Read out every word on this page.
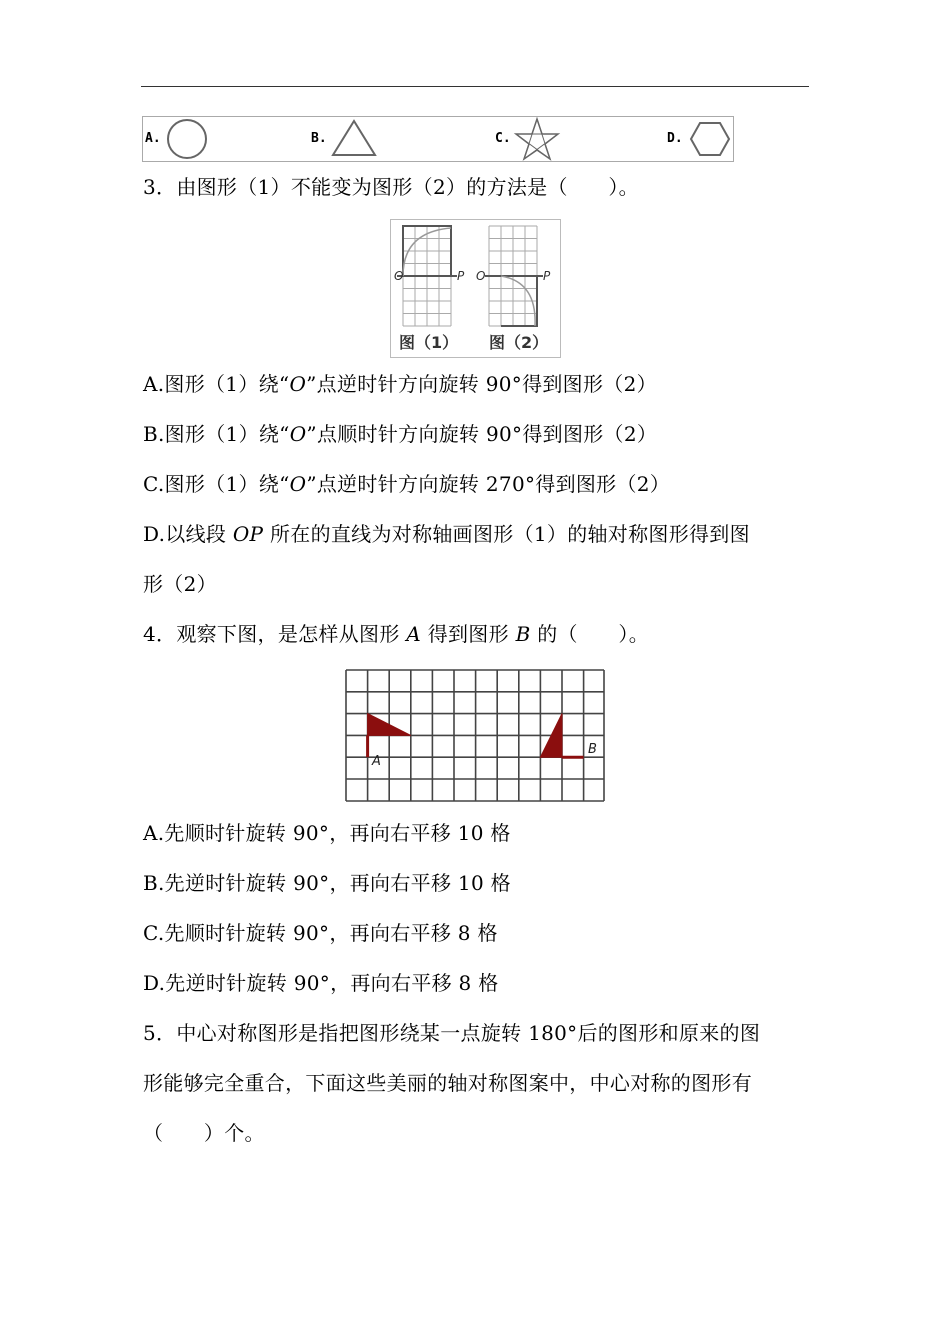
A.	B.	C.	D.
3．由图形（1）不能变为图形（2）的方法是（　　）。
O	P O	P
图（1） 图（2）
A.图形（1）绕“O”点逆时针方向旋转 90°得到图形（2）
B.图形（1）绕“O”点顺时针方向旋转 90°得到图形（2）
C.图形（1）绕“O”点逆时针方向旋转 270°得到图形（2）
D.以线段 OP 所在的直线为对称轴画图形（1）的轴对称图形得到图
形（2）
4．观察下图，是怎样从图形 A 得到图形 B 的（　　）。
A
B
A.先顺时针旋转 90°，再向右平移 10 格
B.先逆时针旋转 90°，再向右平移 10 格
C.先顺时针旋转 90°，再向右平移 8 格
D.先逆时针旋转 90°，再向右平移 8 格
5．中心对称图形是指把图形绕某一点旋转 180°后的图形和原来的图
形能够完全重合，下面这些美丽的轴对称图案中，中心对称的图形有
（　　）个。
